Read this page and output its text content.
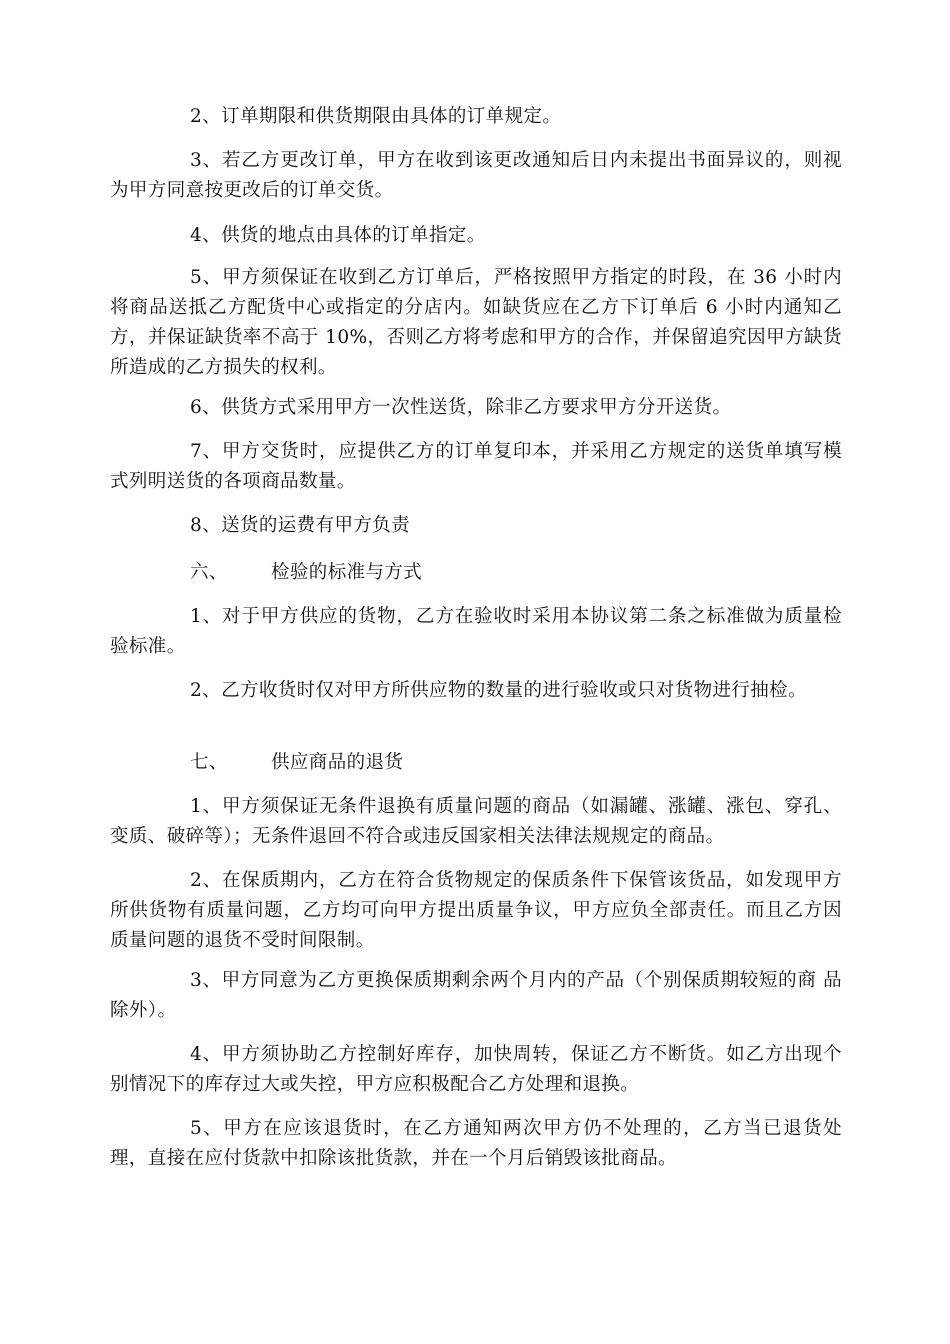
2、订单期限和供货期限由具体的订单规定。

3、若乙方更改订单，甲方在收到该更改通知后日内未提出书面异议的，则视为甲方同意按更改后的订单交货。

4、供货的地点由具体的订单指定。

5、甲方须保证在收到乙方订单后，严格按照甲方指定的时段，在 36 小时内将商品送抵乙方配货中心或指定的分店内。如缺货应在乙方下订单后 6 小时内通知乙方，并保证缺货率不高于 10%，否则乙方将考虑和甲方的合作，并保留追究因甲方缺货所造成的乙方损失的权利。

6、供货方式采用甲方一次性送货，除非乙方要求甲方分开送货。

7、甲方交货时，应提供乙方的订单复印本，并采用乙方规定的送货单填写模式列明送货的各项商品数量。

8、送货的运费有甲方负责

六、 检验的标准与方式

1、对于甲方供应的货物，乙方在验收时采用本协议第二条之标准做为质量检验标准。

2、乙方收货时仅对甲方所供应物的数量的进行验收或只对货物进行抽检。

七、 供应商品的退货

1、甲方须保证无条件退换有质量问题的商品（如漏罐、涨罐、涨包、穿孔、变质、破碎等）；无条件退回不符合或违反国家相关法律法规规定的商品。

2、在保质期内，乙方在符合货物规定的保质条件下保管该货品，如发现甲方所供货物有质量问题，乙方均可向甲方提出质量争议，甲方应负全部责任。而且乙方因质量问题的退货不受时间限制。

3、甲方同意为乙方更换保质期剩余两个月内的产品（个别保质期较短的商 品除外）。

4、甲方须协助乙方控制好库存，加快周转，保证乙方不断货。如乙方出现个别情况下的库存过大或失控，甲方应积极配合乙方处理和退换。

5、甲方在应该退货时，在乙方通知两次甲方仍不处理的，乙方当已退货处理，直接在应付货款中扣除该批货款，并在一个月后销毁该批商品。
